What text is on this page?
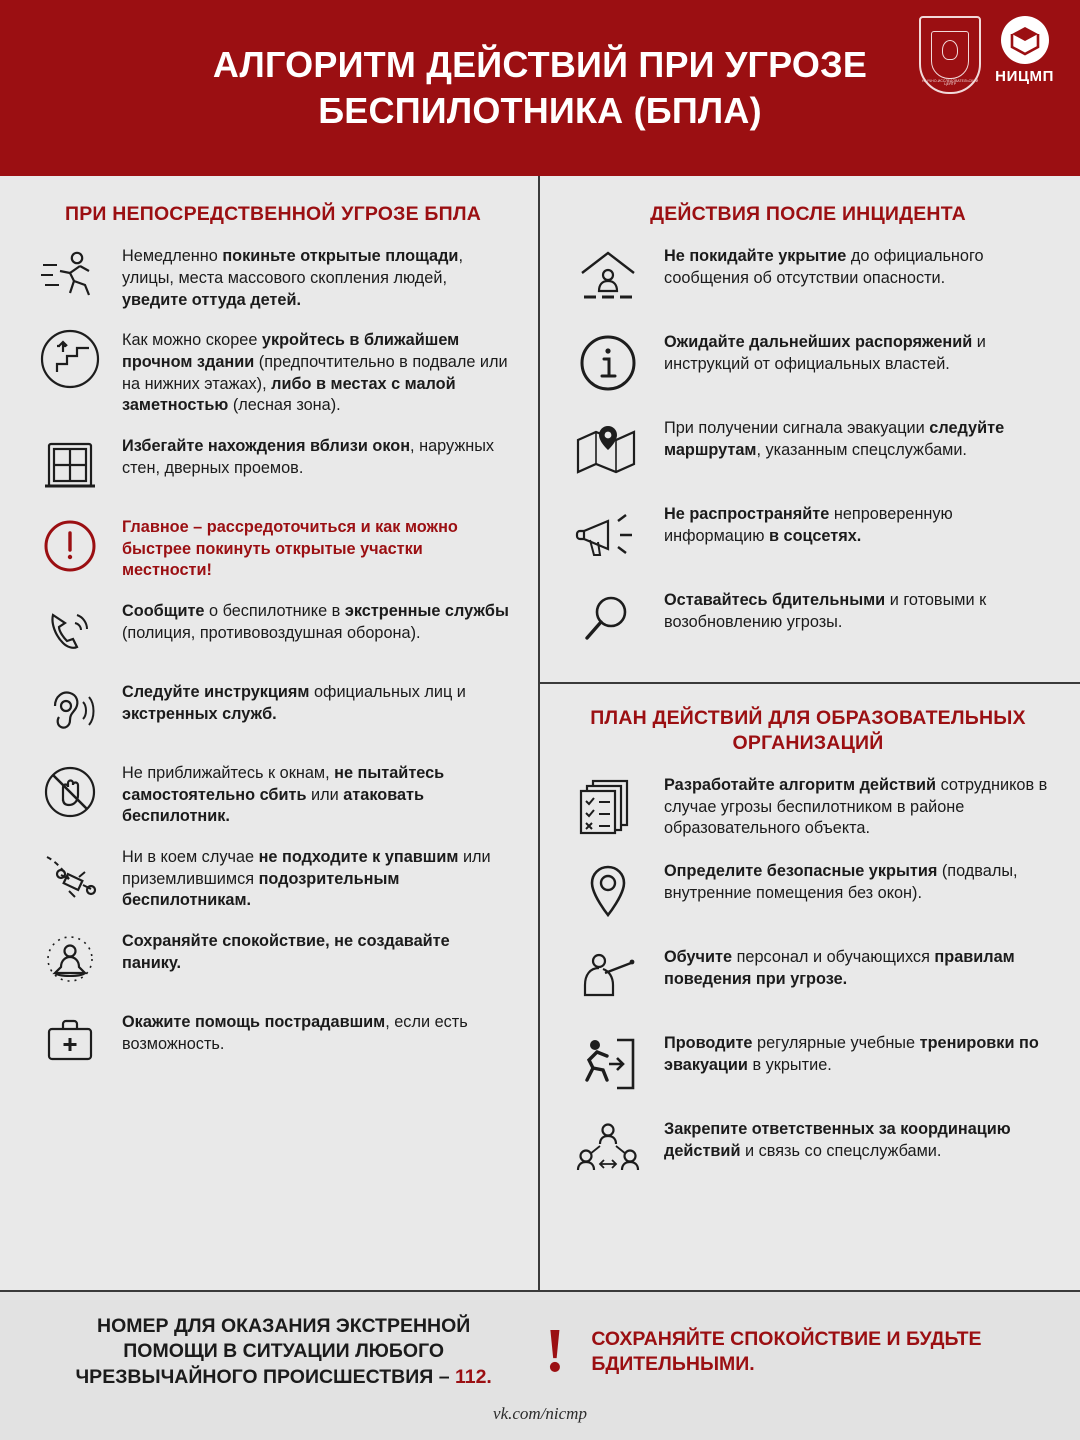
АЛГОРИТМ ДЕЙСТВИЙ ПРИ УГРОЗЕ БЕСПИЛОТНИКА (БПЛА)
НАУЧНО-ИССЛЕДОВАТЕЛЬСКИЙ ЦЕНТР	НИЦМП
ПРИ НЕПОСРЕДСТВЕННОЙ УГРОЗЕ БПЛА
Немедленно покиньте открытые площади, улицы, места массового скопления людей, уведите оттуда детей.
Как можно скорее укройтесь в ближайшем прочном здании (предпочтительно в подвале или на нижних этажах), либо в местах с малой заметностью (лесная зона).
Избегайте нахождения вблизи окон, наружных стен, дверных проемов.
Главное – рассредоточиться и как можно быстрее покинуть открытые участки местности!
Сообщите о беспилотнике в экстренные службы (полиция, противовоздушная оборона).
Следуйте инструкциям официальных лиц и экстренных служб.
Не приближайтесь к окнам, не пытайтесь самостоятельно сбить или атаковать беспилотник.
Ни в коем случае не подходите к упавшим или приземлившимся подозрительным беспилотникам.
Сохраняйте спокойствие, не создавайте панику.
Окажите помощь пострадавшим, если есть возможность.
ДЕЙСТВИЯ ПОСЛЕ ИНЦИДЕНТА
Не покидайте укрытие до официального сообщения об отсутствии опасности.
Ожидайте дальнейших распоряжений и инструкций от официальных властей.
При получении сигнала эвакуации следуйте маршрутам, указанным спецслужбами.
Не распространяйте непроверенную информацию в соцсетях.
Оставайтесь бдительными и готовыми к возобновлению угрозы.
ПЛАН ДЕЙСТВИЙ ДЛЯ ОБРАЗОВАТЕЛЬНЫХ ОРГАНИЗАЦИЙ
Разработайте алгоритм действий сотрудников в случае угрозы беспилотником в районе образовательного объекта.
Определите безопасные укрытия (подвалы, внутренние помещения без окон).
Обучите персонал и обучающихся правилам поведения при угрозе.
Проводите регулярные учебные тренировки по эвакуации в укрытие.
Закрепите ответственных за координацию действий и связь со спецслужбами.
НОМЕР ДЛЯ ОКАЗАНИЯ ЭКСТРЕННОЙ ПОМОЩИ В СИТУАЦИИ ЛЮБОГО ЧРЕЗВЫЧАЙНОГО ПРОИСШЕСТВИЯ – 112. ! СОХРАНЯЙТЕ СПОКОЙСТВИЕ И БУДЬТЕ БДИТЕЛЬНЫМИ.
vk.com/nicmp
